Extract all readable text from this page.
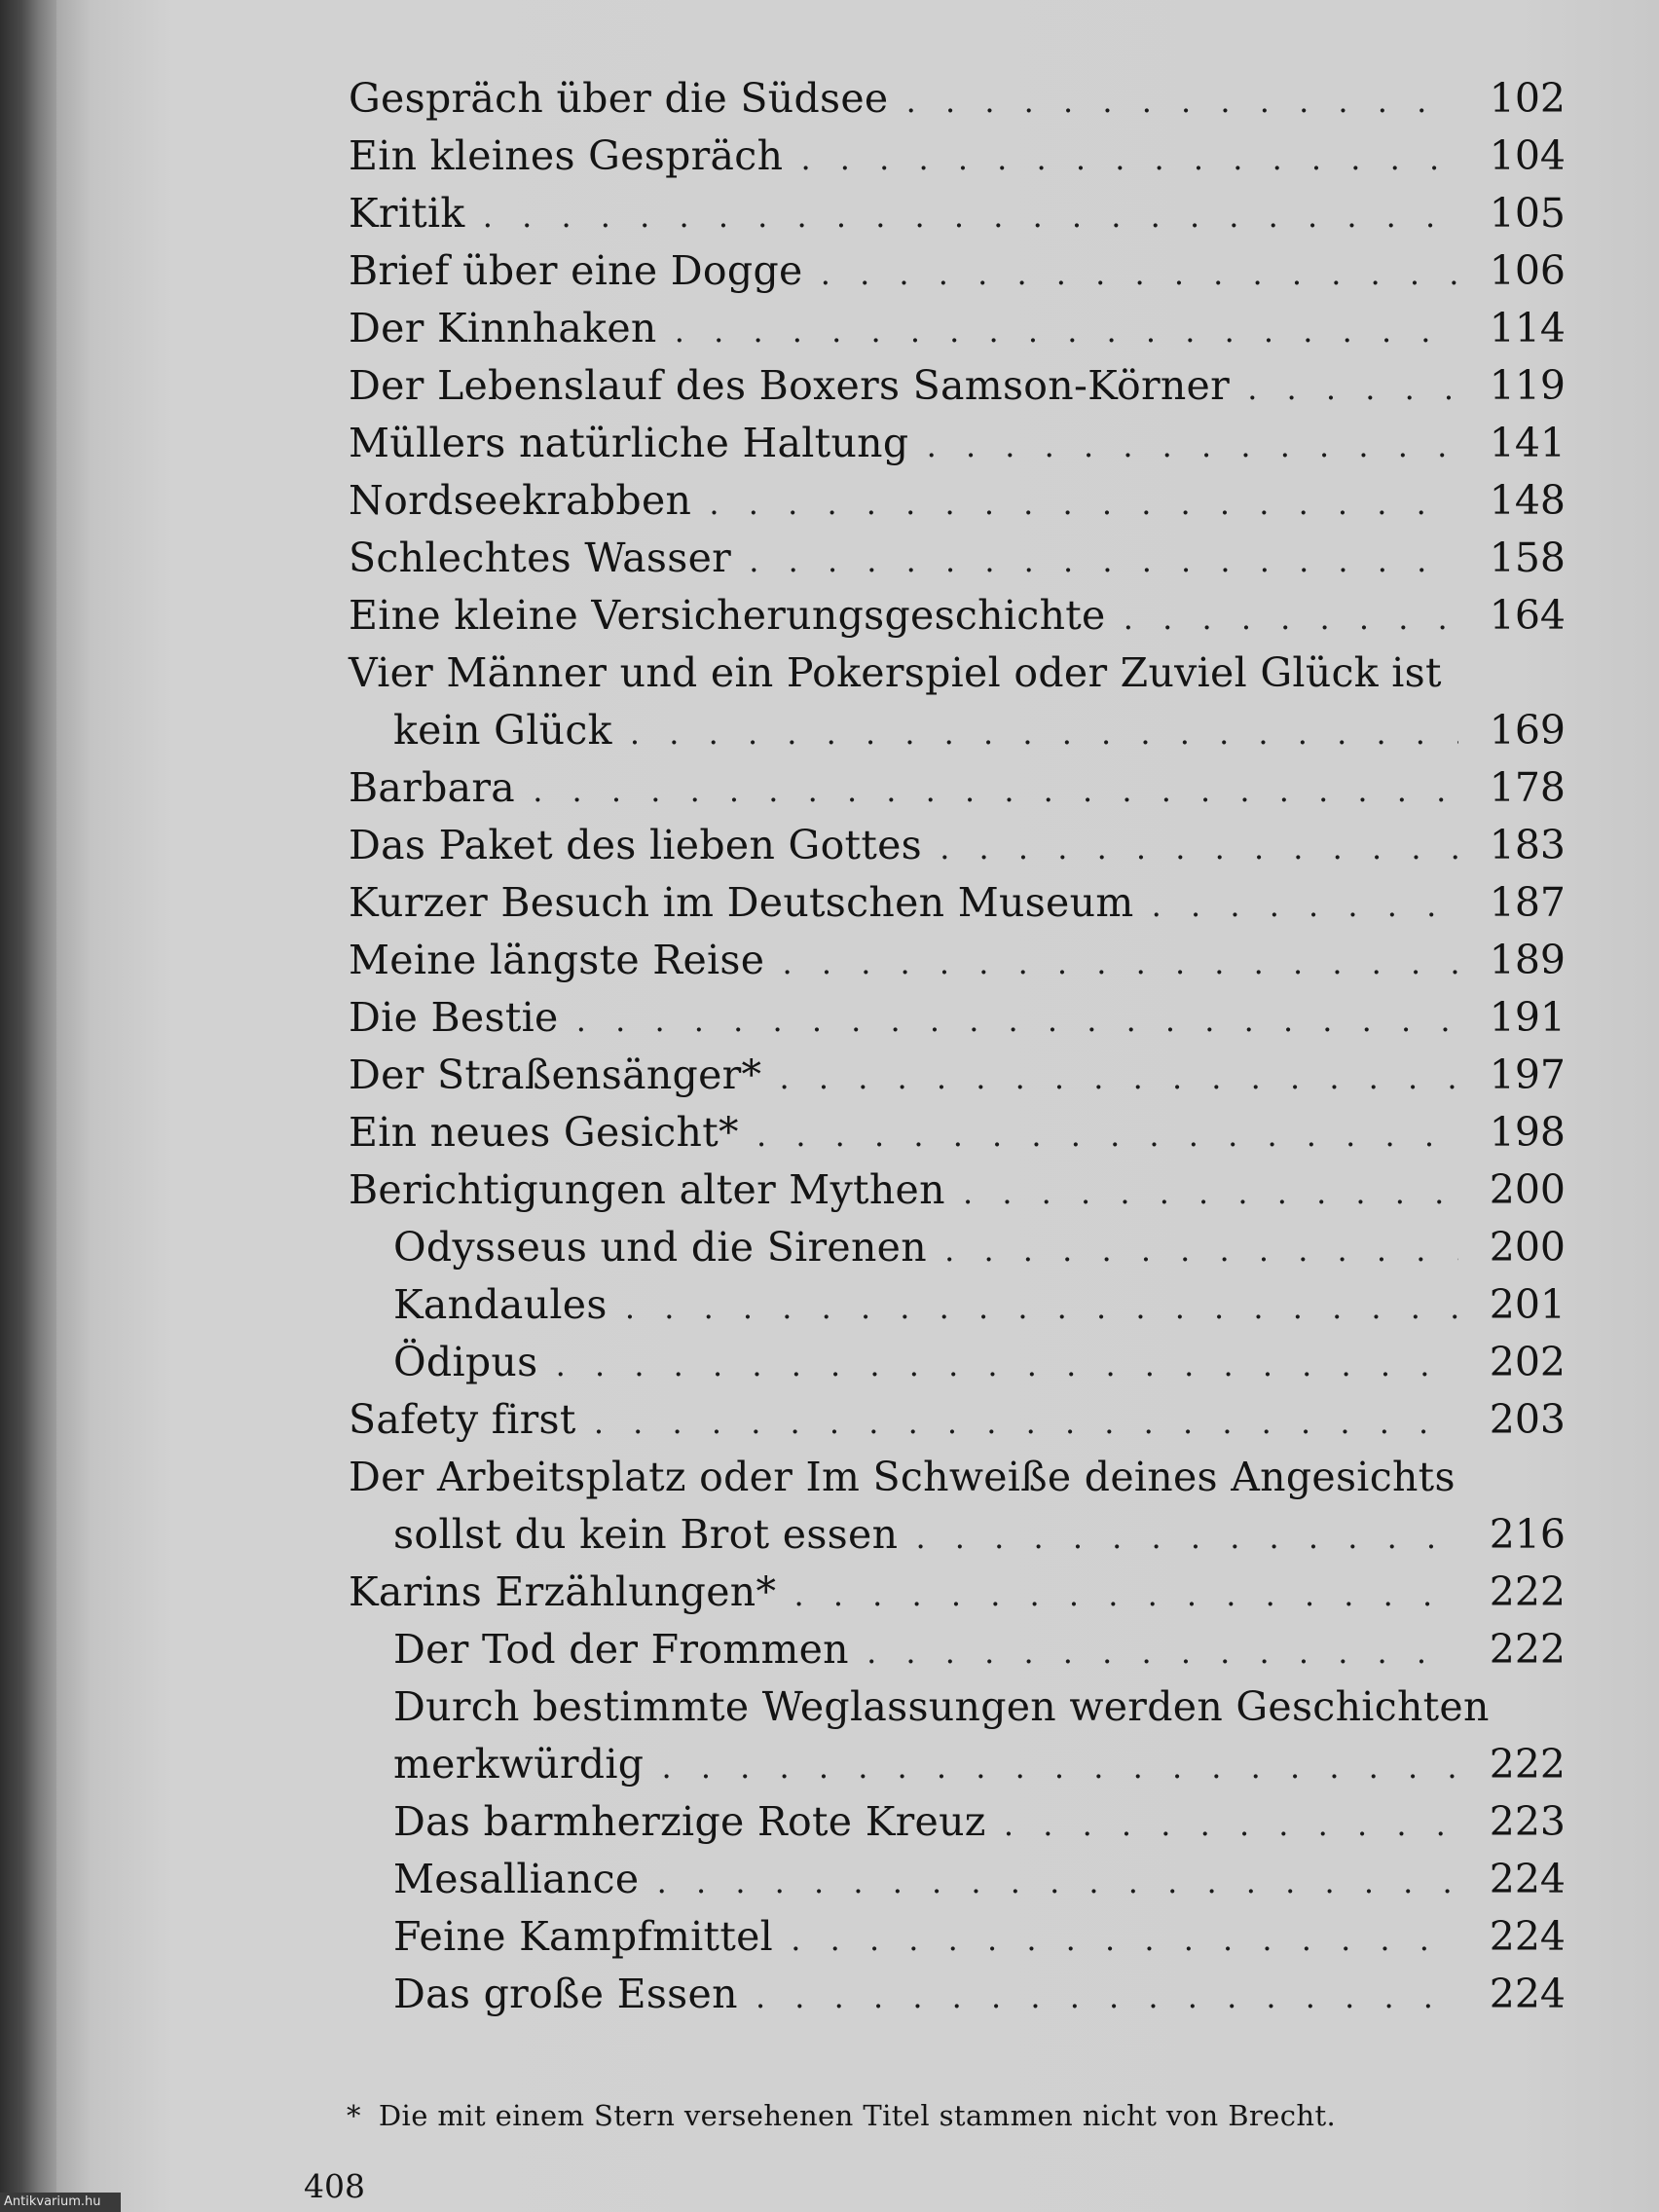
Gespräch über die Südsee . . .	102
Ein kleines Gespräch . . .	104
Kritik . . .	105
Brief über eine Dogge . . .	106
Der Kinnhaken . . .	114
Der Lebenslauf des Boxers Samson-Körner . . .	119
Müllers natürliche Haltung . . .	141
Nordseekrabben . . .	148
Schlechtes Wasser . . .	158
Eine kleine Versicherungsgeschichte . . .	164
Vier Männer und ein Pokerspiel oder Zuviel Glück ist
kein Glück . . .	169
Barbara . . .	178
Das Paket des lieben Gottes . . .	183
Kurzer Besuch im Deutschen Museum . . .	187
Meine längste Reise . . .	189
Die Bestie . . .	191
Der Straßensänger* . . .	197
Ein neues Gesicht* . . .	198
Berichtigungen alter Mythen . . .	200
Odysseus und die Sirenen . . .	200
Kandaules . . .	201
Ödipus . . .	202
Safety first . . .	203
Der Arbeitsplatz oder Im Schweiße deines Angesichts
sollst du kein Brot essen . . .	216
Karins Erzählungen* . . .	222
Der Tod der Frommen . . .	222
Durch bestimmte Weglassungen werden Geschichten
merkwürdig . . .	222
Das barmherzige Rote Kreuz . . .	223
Mesalliance . . .	224
Feine Kampfmittel . . .	224
Das große Essen . . .	224
* Die mit einem Stern versehenen Titel stammen nicht von Brecht.
408
Antikvarium.hu
